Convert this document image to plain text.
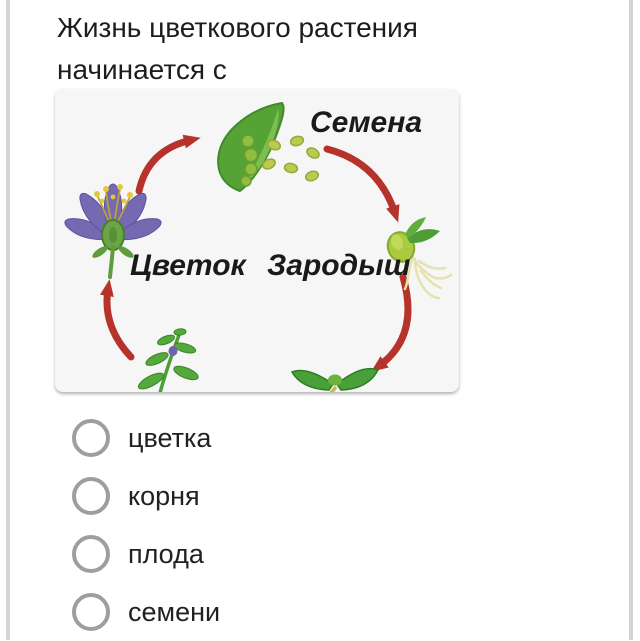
Жизнь цветкового растения начинается с
Семена
Цветок Зародыш
цветка
корня
плода
семени
